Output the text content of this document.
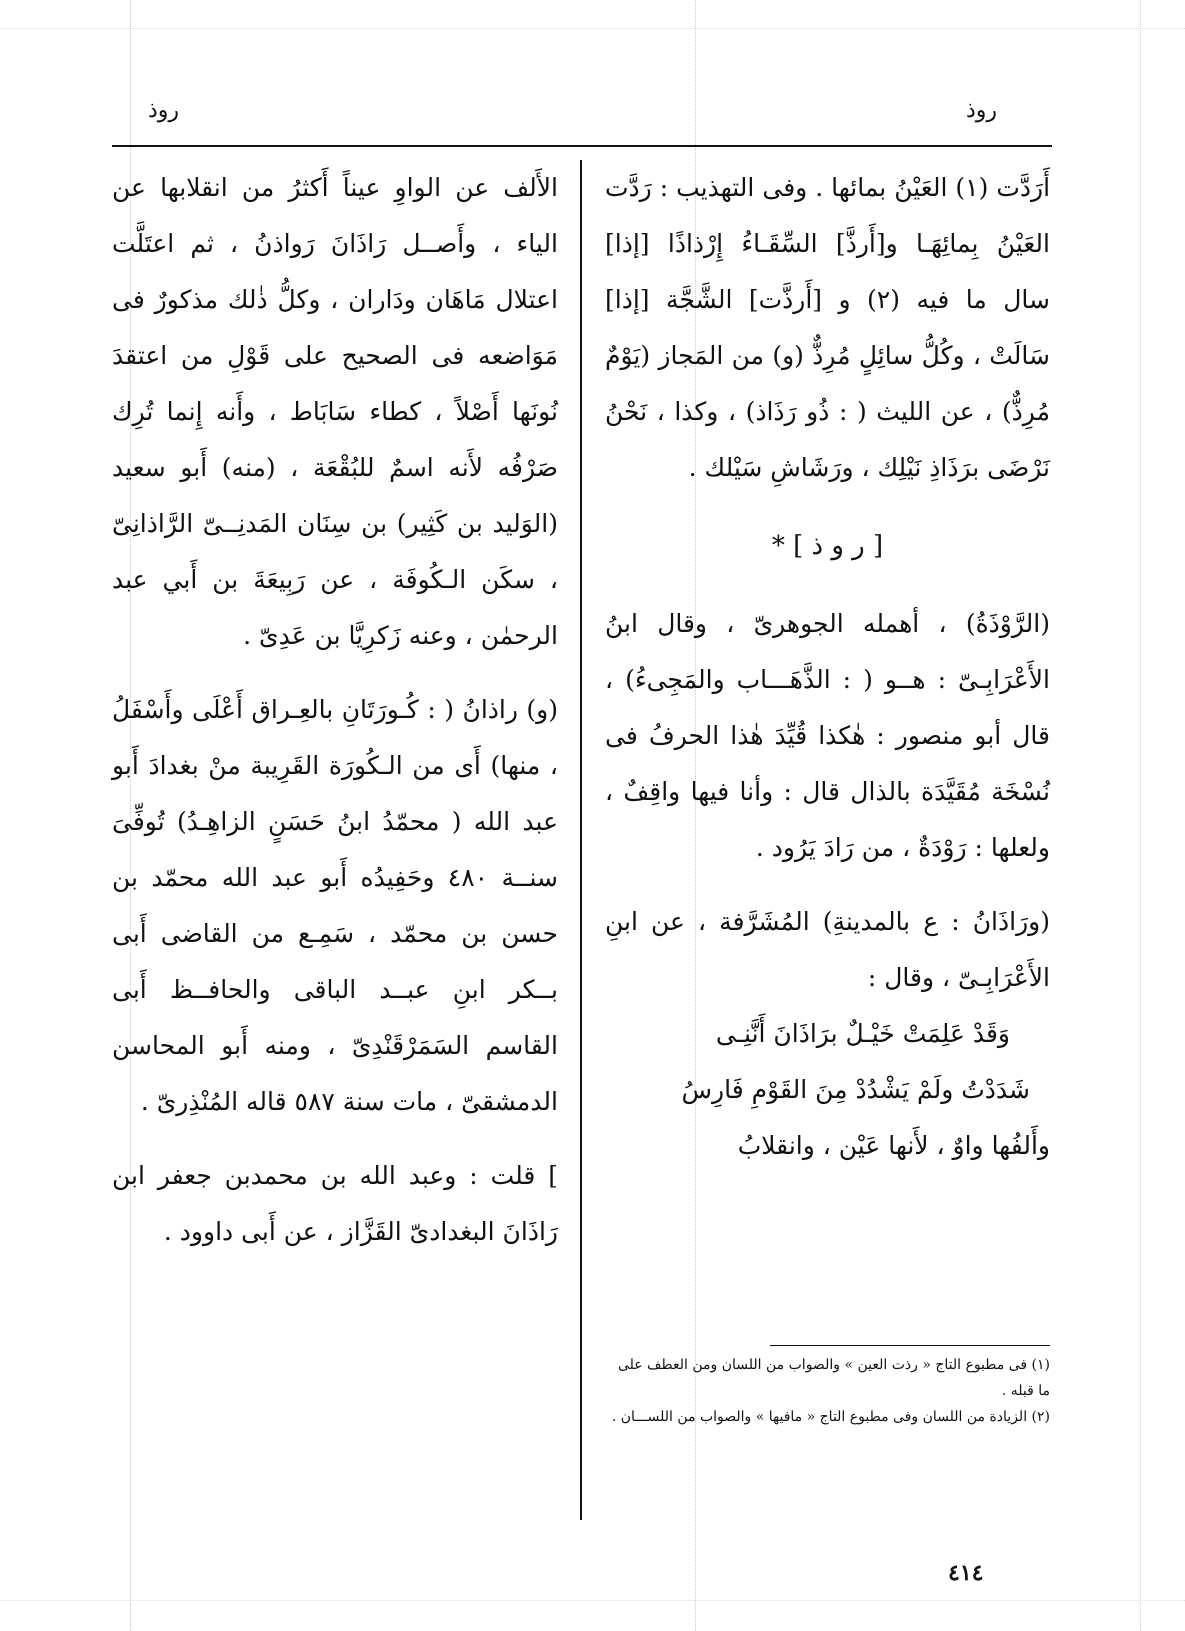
روذ	روذ

أَرَدَّت (١) العَيْنُ بمائها . وفى التهذيب : رَدَّت العَيْنُ بِمائِهَـا و[أَرذَّ] السِّقَـاءُ إِرْذاذًا [إذا] سال ما فيه (٢) و [أَرذَّت] الشَّجَّة [إذا] سَالَتْ ، وكُلُّ سائِلٍ مُرِذٌّ (و) من المَجاز (يَوْمٌ مُرِذٌّ) ، عن الليث ( : ذُو رَذَاذ) ، وكذا ، نَحْنُ نَرْضَى برَذَاذِ نَيْلِك ، ورَشَاشِ سَيْلك .

[ ر و ذ ] *

(الرَّوْذَةُ) ، أهمله الجوهرىّ ، وقال ابنُ الأَعْرَابِـىّ : هــو ( : الذَّهَـــاب والمَجِىءُ) ، قال أبو منصور : هٰكذا قُيِّدَ هٰذا الحرفُ فى نُسْخَة مُقَيَّدَة بالذال قال : وأنا فيها واقِفٌ ، ولعلها : رَوْدَةٌ ، من رَادَ يَرُود .

(ورَاذَانُ : ع بالمدينةِ) المُشَرَّفة ، عن ابنِ الأَعْرَابِـىّ ، وقال :

وَقَدْ عَلِمَتْ خَيْـلٌ برَاذَانَ أَنَّنِـى

شَدَدْتُ ولَمْ يَشْدُدْ مِنَ القَوْمِ فَارِسُ

وأَلفُها واوٌ ، لأَنها عَيْن ، وانقلابُ

الأَلف عن الواوِ عيناً أَكثرُ من انقلابها عن الياء ، وأَصــل رَاذَانَ رَواذنُ ، ثم اعتَلَّت اعتلال مَاهَان ودَاران ، وكلُّ ذٰلك مذكورٌ فى مَوَاضعه فى الصحيح على قَوْلِ من اعتقدَ نُونَها أَصْلاً ، كطاء سَابَاط ، وأَنه إِنما تُرِك صَرْفُه لأَنه اسمٌ للبُقْعَة ، (منه) أَبو سعيد (الوَليد بن كَثِير) بن سِنَان المَدنِــىّ الرَّاذانِىّ ، سكَن الـكُوفَة ، عن رَبِيعَةَ بن أَبي عبد الرحمٰن ، وعنه زَكرِيَّا بن عَدِىّ .

(و) راذانُ ( : كُـورَتَانِ بالعِـراق أَعْلَى وأَسْفَلُ ، منها) أَى من الـكُورَة القَرِيبة منْ بغدادَ أَبو عبد الله ( محمّدُ ابنُ حَسَنٍ الزاهِـدُ) تُوفِّىَ سنــة ٤٨٠ وحَفِيدُه أَبو عبد الله محمّد بن حسن بن محمّد ، سَمِـع من القاضى أَبى بــكر ابنِ عبــد الباقى والحافــظ أَبى القاسم السَمَرْقَنْدِىّ ، ومنه أَبو المحاسن الدمشقىّ ، مات سنة ٥٨٧ قاله المُنْذِرىّ .

] قلت : وعبد الله بن محمدبن جعفر ابن رَاذَانَ البغدادىّ القَزَّاز ، عن أَبى داوود .

(١) فى مطبوع التاج « رذت العين » والصواب من اللسان ومن العطف على ما قبله .

(٢) الزيادة من اللسان وفى مطبوع التاج « مافيها » والصواب من اللســـان .

٤١٤
